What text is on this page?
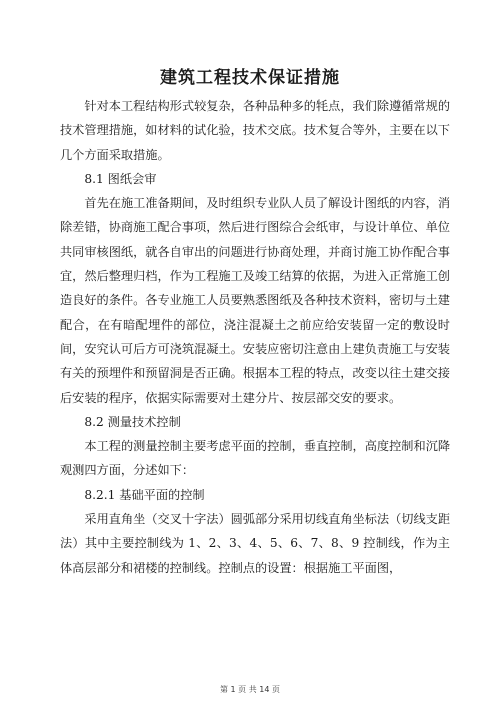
建筑工程技术保证措施

针对本工程结构形式较复杂，各种品种多的牦点，我们除遵循常规的技术管理措施，如材料的试化验，技术交底。技术复合等外，主要在以下几个方面采取措施。

8.1 图纸会审

首先在施工准备期间，及时组织专业队人员了解设计图纸的内容，消除差错，协商施工配合事项，然后进行图综合会纸审，与设计单位、单位共同审核图纸，就各自审出的问题进行协商处理，并商讨施工协作配合事宜，然后整理归档，作为工程施工及竣工结算的依据，为进入正常施工创造良好的条件。各专业施工人员要熟悉图纸及各种技术资料，密切与土建配合，在有暗配埋件的部位，浇注混凝土之前应给安装留一定的敷设时间，安究认可后方可浇筑混凝土。安装应密切注意由上建负责施工与安装有关的预埋件和预留洞是否正确。根据本工程的特点，改变以往土建交接后安装的程序，依据实际需要对土建分片、按层部交安的要求。

8.2 测量技术控制

本工程的测量控制主要考虑平面的控制，垂直控制，高度控制和沉降观测四方面，分述如下：

8.2.1 基础平面的控制

采用直角坐（交叉十字法）圆弧部分采用切线直角坐标法（切线支距法）其中主要控制线为 1、2、3、4、5、6、7、8、9 控制线，作为主体高层部分和裙楼的控制线。控制点的设置：根据施工平面图，

第 1 页 共 14 页
